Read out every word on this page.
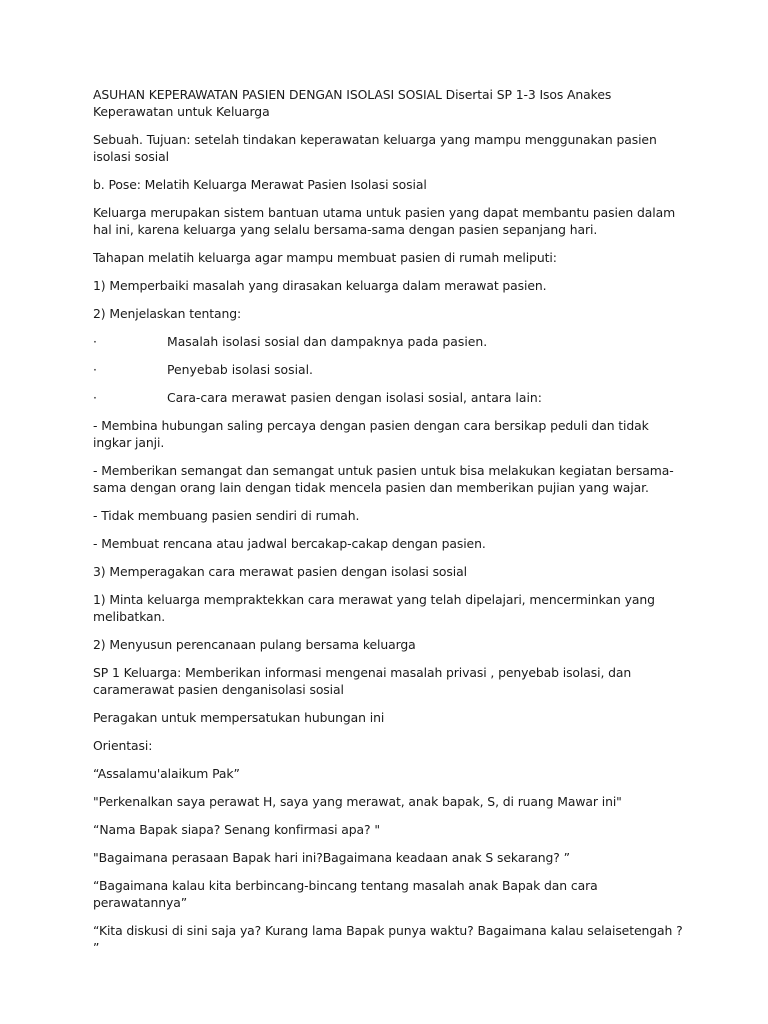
ASUHAN KEPERAWATAN PASIEN DENGAN ISOLASI SOSIAL Disertai SP 1-3 Isos Anakes Keperawatan untuk Keluarga

Sebuah. Tujuan: setelah tindakan keperawatan keluarga yang mampu menggunakan pasien isolasi sosial

b. Pose: Melatih Keluarga Merawat Pasien Isolasi sosial

Keluarga merupakan sistem bantuan utama untuk pasien yang dapat membantu pasien dalam hal ini, karena keluarga yang selalu bersama-sama dengan pasien sepanjang hari.

Tahapan melatih keluarga agar mampu membuat pasien di rumah meliputi:

1) Memperbaiki masalah yang dirasakan keluarga dalam merawat pasien.

2) Menjelaskan tentang:

·	Masalah isolasi sosial dan dampaknya pada pasien.
·	Penyebab isolasi sosial.
·	Cara-cara merawat pasien dengan isolasi sosial, antara lain:

- Membina hubungan saling percaya dengan pasien dengan cara bersikap peduli dan tidak ingkar janji.

- Memberikan semangat dan semangat untuk pasien untuk bisa melakukan kegiatan bersama-sama dengan orang lain dengan tidak mencela pasien dan memberikan pujian yang wajar.

- Tidak membuang pasien sendiri di rumah.

- Membuat rencana atau jadwal bercakap-cakap dengan pasien.

3) Memperagakan cara merawat pasien dengan isolasi sosial

1) Minta keluarga mempraktekkan cara merawat yang telah dipelajari, mencerminkan yang melibatkan.

2) Menyusun perencanaan pulang bersama keluarga

SP 1 Keluarga: Memberikan informasi mengenai masalah privasi , penyebab isolasi, dan caramerawat pasien denganisolasi sosial

Peragakan untuk mempersatukan hubungan ini

Orientasi:

“Assalamu'alaikum Pak”

"Perkenalkan saya perawat H, saya yang merawat, anak bapak, S, di ruang Mawar ini"

“Nama Bapak siapa? Senang konfirmasi apa? "

"Bagaimana perasaan Bapak hari ini?Bagaimana keadaan anak S sekarang? ”

“Bagaimana kalau kita berbincang-bincang tentang masalah anak Bapak dan cara perawatannya”

“Kita diskusi di sini saja ya? Kurang lama Bapak punya waktu? Bagaimana kalau selaisetengah ? ”
